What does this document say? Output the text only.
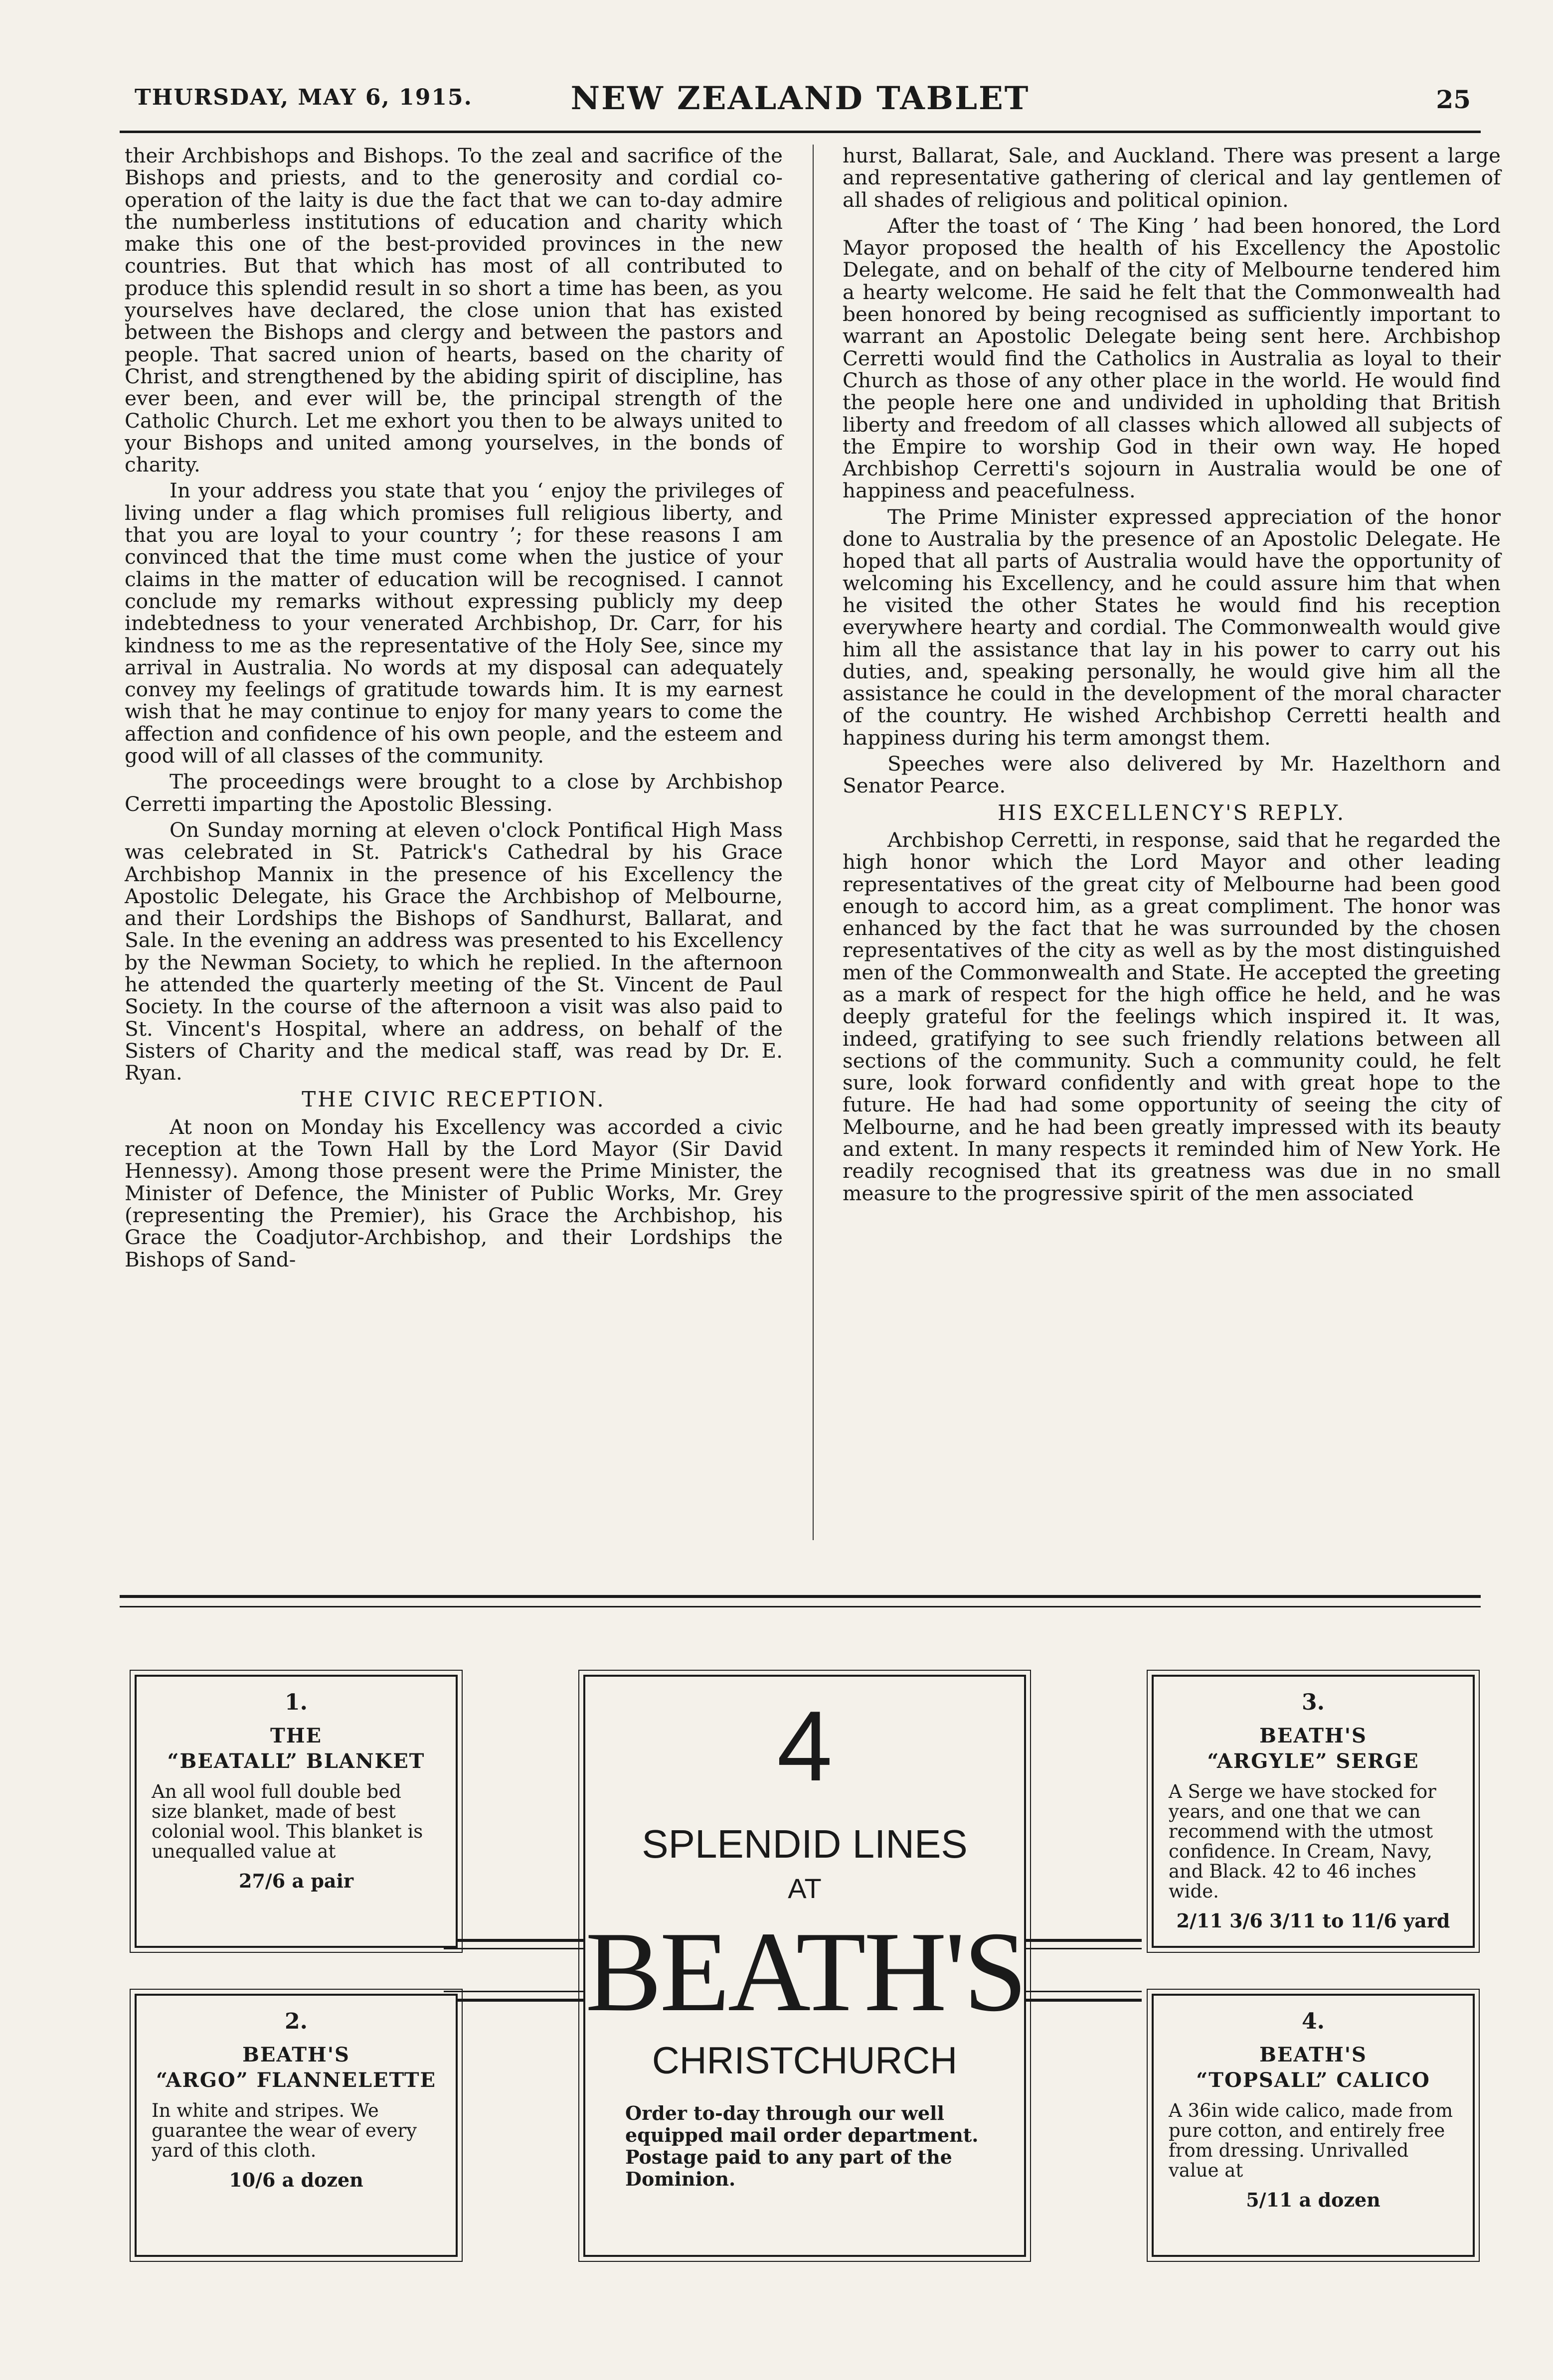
THURSDAY, MAY 6, 1915.	NEW ZEALAND TABLET	25

their Archbishops and Bishops. To the zeal and sacrifice of the Bishops and priests, and to the generosity and cordial co-operation of the laity is due the fact that we can to-day admire the numberless institutions of education and charity which make this one of the best-provided provinces in the new countries. But that which has most of all contributed to produce this splendid result in so short a time has been, as you yourselves have declared, the close union that has existed between the Bishops and clergy and between the pastors and people. That sacred union of hearts, based on the charity of Christ, and strengthened by the abiding spirit of discipline, has ever been, and ever will be, the principal strength of the Catholic Church. Let me exhort you then to be always united to your Bishops and united among yourselves, in the bonds of charity.

In your address you state that you ‘ enjoy the privileges of living under a flag which promises full religious liberty, and that you are loyal to your country ’; for these reasons I am convinced that the time must come when the justice of your claims in the matter of education will be recognised. I cannot conclude my remarks without expressing publicly my deep indebtedness to your venerated Archbishop, Dr. Carr, for his kindness to me as the representative of the Holy See, since my arrival in Australia. No words at my disposal can adequately convey my feelings of gratitude towards him. It is my earnest wish that he may continue to enjoy for many years to come the affection and confidence of his own people, and the esteem and good will of all classes of the community.

The proceedings were brought to a close by Archbishop Cerretti imparting the Apostolic Blessing.

On Sunday morning at eleven o'clock Pontifical High Mass was celebrated in St. Patrick's Cathedral by his Grace Archbishop Mannix in the presence of his Excellency the Apostolic Delegate, his Grace the Archbishop of Melbourne, and their Lordships the Bishops of Sandhurst, Ballarat, and Sale. In the evening an address was presented to his Excellency by the Newman Society, to which he replied. In the afternoon he attended the quarterly meeting of the St. Vincent de Paul Society. In the course of the afternoon a visit was also paid to St. Vincent's Hospital, where an address, on behalf of the Sisters of Charity and the medical staff, was read by Dr. E. Ryan.

THE CIVIC RECEPTION.

At noon on Monday his Excellency was accorded a civic reception at the Town Hall by the Lord Mayor (Sir David Hennessy). Among those present were the Prime Minister, the Minister of Defence, the Minister of Public Works, Mr. Grey (representing the Premier), his Grace the Archbishop, his Grace the Coadjutor-Archbishop, and their Lordships the Bishops of Sand-

hurst, Ballarat, Sale, and Auckland. There was present a large and representative gathering of clerical and lay gentlemen of all shades of religious and political opinion.

After the toast of ‘ The King ’ had been honored, the Lord Mayor proposed the health of his Excellency the Apostolic Delegate, and on behalf of the city of Melbourne tendered him a hearty welcome. He said he felt that the Commonwealth had been honored by being recognised as sufficiently important to warrant an Apostolic Delegate being sent here. Archbishop Cerretti would find the Catholics in Australia as loyal to their Church as those of any other place in the world. He would find the people here one and undivided in upholding that British liberty and freedom of all classes which allowed all subjects of the Empire to worship God in their own way. He hoped Archbishop Cerretti's sojourn in Australia would be one of happiness and peacefulness.

The Prime Minister expressed appreciation of the honor done to Australia by the presence of an Apostolic Delegate. He hoped that all parts of Australia would have the opportunity of welcoming his Excellency, and he could assure him that when he visited the other States he would find his reception everywhere hearty and cordial. The Commonwealth would give him all the assistance that lay in his power to carry out his duties, and, speaking personally, he would give him all the assistance he could in the development of the moral character of the country. He wished Archbishop Cerretti health and happiness during his term amongst them.

Speeches were also delivered by Mr. Hazelthorn and Senator Pearce.

HIS EXCELLENCY'S REPLY.

Archbishop Cerretti, in response, said that he regarded the high honor which the Lord Mayor and other leading representatives of the great city of Melbourne had been good enough to accord him, as a great compliment. The honor was enhanced by the fact that he was surrounded by the chosen representatives of the city as well as by the most distinguished men of the Commonwealth and State. He accepted the greeting as a mark of respect for the high office he held, and he was deeply grateful for the feelings which inspired it. It was, indeed, gratifying to see such friendly relations between all sections of the community. Such a community could, he felt sure, look forward confidently and with great hope to the future. He had had some opportunity of seeing the city of Melbourne, and he had been greatly impressed with its beauty and extent. In many respects it reminded him of New York. He readily recognised that its greatness was due in no small measure to the progressive spirit of the men associated

1.
THE
“BEATALL” BLANKET
An all wool full double bed size blanket, made of best colonial wool. This blanket is unequalled value at
27/6 a pair
2.
BEATH'S
“ARGO” FLANNELETTE
In white and stripes. We guarantee the wear of every yard of this cloth.
10/6 a dozen
4
SPLENDID LINES
AT
BEATH'S
CHRISTCHURCH
Order to-day through our well equipped mail order department. Postage paid to any part of the Dominion.
3.
BEATH'S
“ARGYLE” SERGE
A Serge we have stocked for years, and one that we can recommend with the utmost confidence. In Cream, Navy, and Black. 42 to 46 inches wide.
2/11 3/6 3/11 to 11/6 yard
4.
BEATH'S
“TOPSALL” CALICO
A 36in wide calico, made from pure cotton, and entirely free from dressing. Unrivalled value at
5/11 a dozen
